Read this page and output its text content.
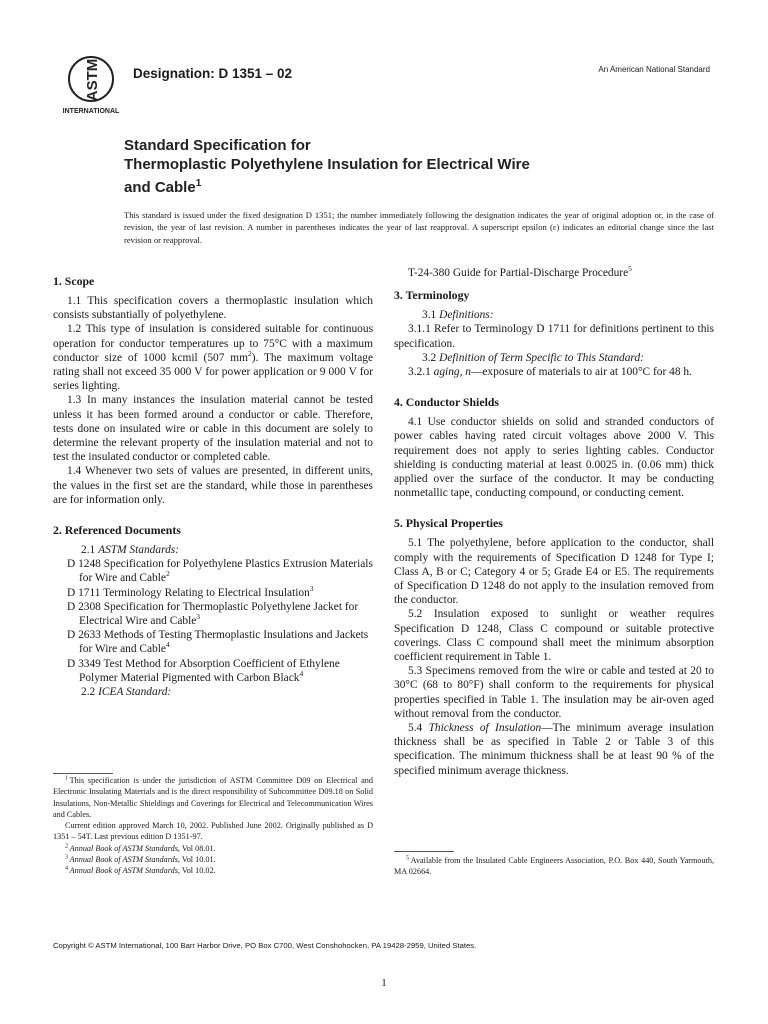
ASTM
INTERNATIONAL
Designation: D 1351 – 02	An American National Standard
Standard Specification for
Thermoplastic Polyethylene Insulation for Electrical Wire
and Cable$^1$
This standard is issued under the fixed designation D 1351; the number immediately following the designation indicates the year of original adoption or, in the case of revision, the year of last revision. A number in parentheses indicates the year of last reapproval. A superscript epsilon (ε) indicates an editorial change since the last revision or reapproval.
1. Scope

1.1 This specification covers a thermoplastic insulation which consists substantially of polyethylene.

1.2 This type of insulation is considered suitable for continuous operation for conductor temperatures up to 75°C with a maximum conductor size of 1000 kcmil (507 $mm^2$). The maximum voltage rating shall not exceed 35 000 V for power application or 9 000 V for series lighting.

1.3 In many instances the insulation material cannot be tested unless it has been formed around a conductor or cable. Therefore, tests done on insulated wire or cable in this document are solely to determine the relevant property of the insulation material and not to test the insulated conductor or completed cable.

1.4 Whenever two sets of values are presented, in different units, the values in the first set are the standard, while those in parentheses are for information only.

2. Referenced Documents

2.1 ASTM Standards:

D 1248 Specification for Polyethylene Plastics Extrusion Materials for Wire and Cable$^2$

D 1711 Terminology Relating to Electrical Insulation$^3$

D 2308 Specification for Thermoplastic Polyethylene Jacket for Electrical Wire and Cable$^3$

D 2633 Methods of Testing Thermoplastic Insulations and Jackets for Wire and Cable$^4$

D 3349 Test Method for Absorption Coefficient of Ethylene Polymer Material Pigmented with Carbon Black$^4$

2.2 ICEA Standard:

T-24-380 Guide for Partial-Discharge Procedure$^5$

3. Terminology

3.1 Definitions:

3.1.1 Refer to Terminology D 1711 for definitions pertinent to this specification.

3.2 Definition of Term Specific to This Standard:

3.2.1 aging, n—exposure of materials to air at 100°C for 48 h.

4. Conductor Shields

4.1 Use conductor shields on solid and stranded conductors of power cables having rated circuit voltages above 2000 V. This requirement does not apply to series lighting cables. Conductor shielding is conducting material at least 0.0025 in. (0.06 mm) thick applied over the surface of the conductor. It may be conducting nonmetallic tape, conducting compound, or conducting cement.

5. Physical Properties

5.1 The polyethylene, before application to the conductor, shall comply with the requirements of Specification D 1248 for Type I; Class A, B or C; Category 4 or 5; Grade E4 or E5. The requirements of Specification D 1248 do not apply to the insulation removed from the conductor.

5.2 Insulation exposed to sunlight or weather requires Specification D 1248, Class C compound or suitable protective coverings. Class C compound shall meet the minimum absorption coefficient requirement in Table 1.

5.3 Specimens removed from the wire or cable and tested at 20 to 30°C (68 to 80°F) shall conform to the requirements for physical properties specified in Table 1. The insulation may be air-oven aged without removal from the conductor.

5.4 Thickness of Insulation—The minimum average insulation thickness shall be as specified in Table 2 or Table 3 of this specification. The minimum thickness shall be at least 90 % of the specified minimum average thickness.

$^1$  This specification is under the jurisdiction of ASTM Committee D09 on Electrical and Electronic Insulating Materials and is the direct responsibility of Subcommittee D09.18 on Solid Insulations, Non-Metallic Shieldings and Coverings for Electrical and Telecommunication Wires and Cables.

Current edition approved March 10, 2002. Published June 2002. Originally published as D 1351 – 54T. Last previous edition D 1351-97.

$^2$  Annual Book of ASTM Standards, Vol 08.01.

$^3$  Annual Book of ASTM Standards, Vol 10.01.

$^4$  Annual Book of ASTM Standards, Vol 10.02.

$^5$  Available from the Insulated Cable Engineers Association, P.O. Box 440, South Yarmouth, MA 02664.

Copyright © ASTM International, 100 Barr Harbor Drive, PO Box C700, West Conshohocken, PA 19428-2959, United States.
1
